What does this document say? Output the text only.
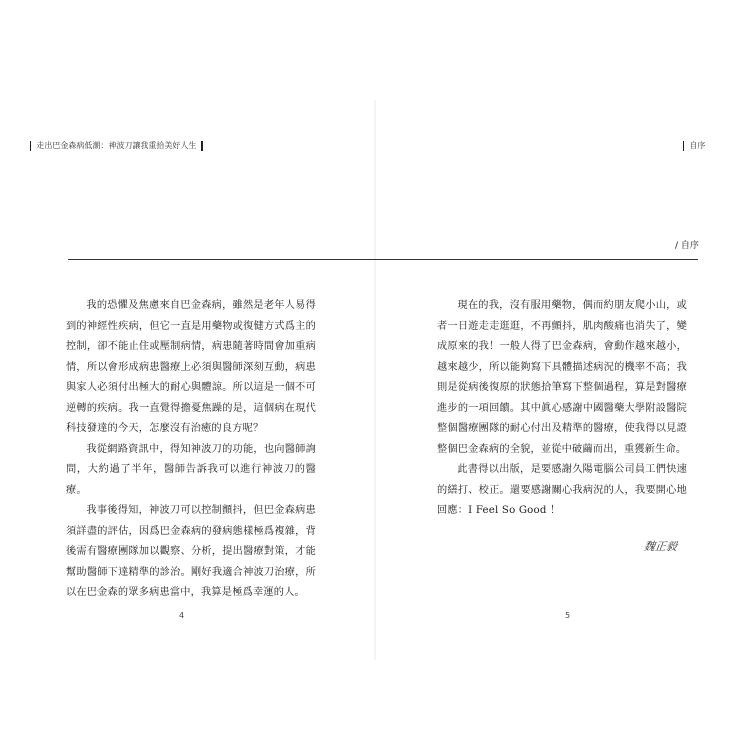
走出巴金森病低潮：神波刀讓我重拾美好人生	自序
/ 自序

我的恐懼及焦慮來自巴金森病，雖然是老年人易得到的神經性疾病，但它一直是用藥物或復健方式爲主的控制，卻不能止住或壓制病情，病患隨著時間會加重病情，所以會形成病患醫療上必須與醫師深刻互動，病患與家人必須付出極大的耐心與體諒。所以這是一個不可逆轉的疾病。我一直覺得擔憂焦躁的是，這個病在現代科技發達的今天，怎麼沒有治癒的良方呢？

我從網路資訊中，得知神波刀的功能，也向醫師詢問，大約過了半年，醫師告訴我可以進行神波刀的醫療。

我事後得知，神波刀可以控制顫抖，但巴金森病患須詳盡的評估，因爲巴金森病的發病態樣極爲複雜，背後需有醫療團隊加以觀察、分析，提出醫療對策，才能幫助醫師下達精準的診治。剛好我適合神波刀治療，所以在巴金森的眾多病患當中，我算是極爲幸運的人。

現在的我，沒有服用藥物，偶而約朋友爬小山，或者一日遊走走逛逛，不再顫抖，肌肉酸痛也消失了，變成原來的我！一般人得了巴金森病，會動作越來越小，越來越少，所以能夠寫下具體描述病況的機率不高；我則是從病後復原的狀態拾筆寫下整個過程，算是對醫療進步的一項回饋。其中眞心感謝中國醫藥大學附設醫院整個醫療團隊的耐心付出及精準的醫療，使我得以見證整個巴金森病的全貌，並從中破繭而出，重獲新生命。

此書得以出版，是要感謝久陽電腦公司員工們快速的繕打、校正。還要感謝關心我病況的人，我要開心地回應：I Feel So Good ！

魏正毅
4	5
